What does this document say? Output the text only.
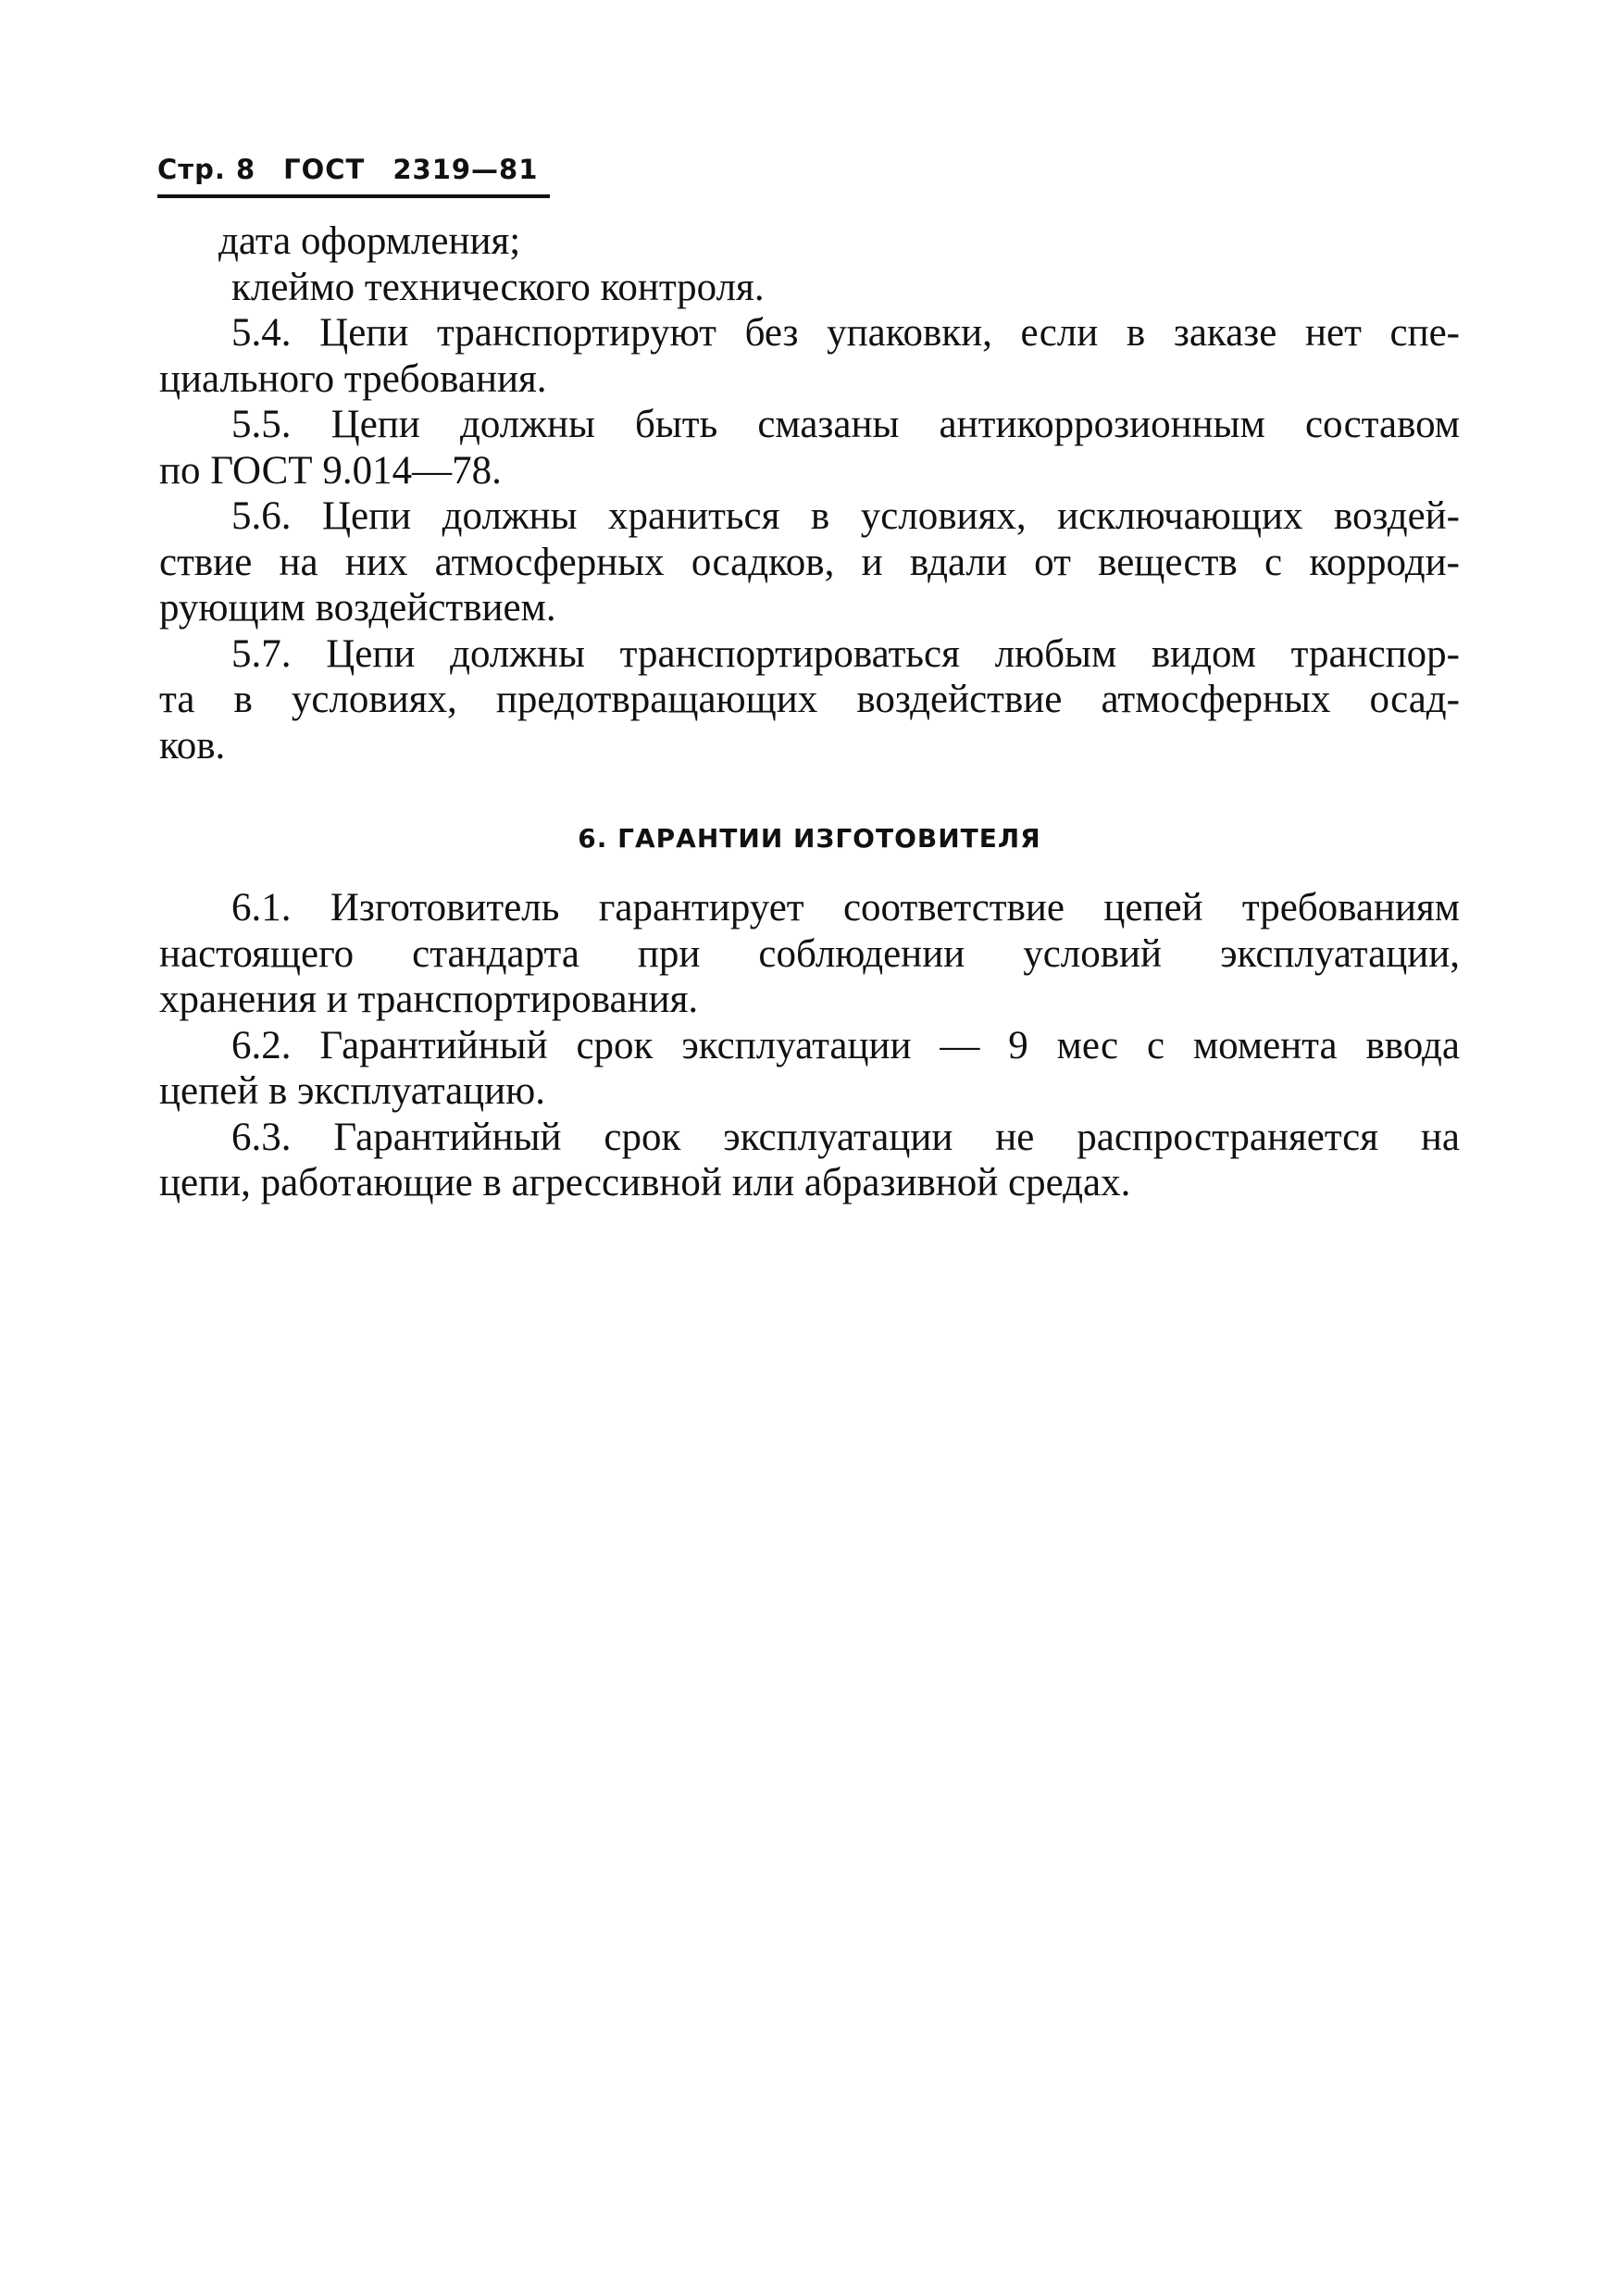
Стр. 8 ГОСТ 2319—81
дата оформления;
клеймо технического контроля.
5.4. Цепи транспортируют без упаковки, если в заказе нет спе-
циального требования.
5.5. Цепи должны быть смазаны антикоррозионным составом
по ГОСТ 9.014—78.
5.6. Цепи должны храниться в условиях, исключающих воздей-
ствие на них атмосферных осадков, и вдали от веществ с корроди-
рующим воздействием.
5.7. Цепи должны транспортироваться любым видом транспор-
та в условиях, предотвращающих воздействие атмосферных осад-
ков.
6. ГАРАНТИИ ИЗГОТОВИТЕЛЯ
6.1. Изготовитель гарантирует соответствие цепей требованиям
настоящего стандарта при соблюдении условий эксплуатации,
хранения и транспортирования.
6.2. Гарантийный срок эксплуатации — 9 мес с момента ввода
цепей в эксплуатацию.
6.3. Гарантийный срок эксплуатации не распространяется на
цепи, работающие в агрессивной или абразивной средах.
